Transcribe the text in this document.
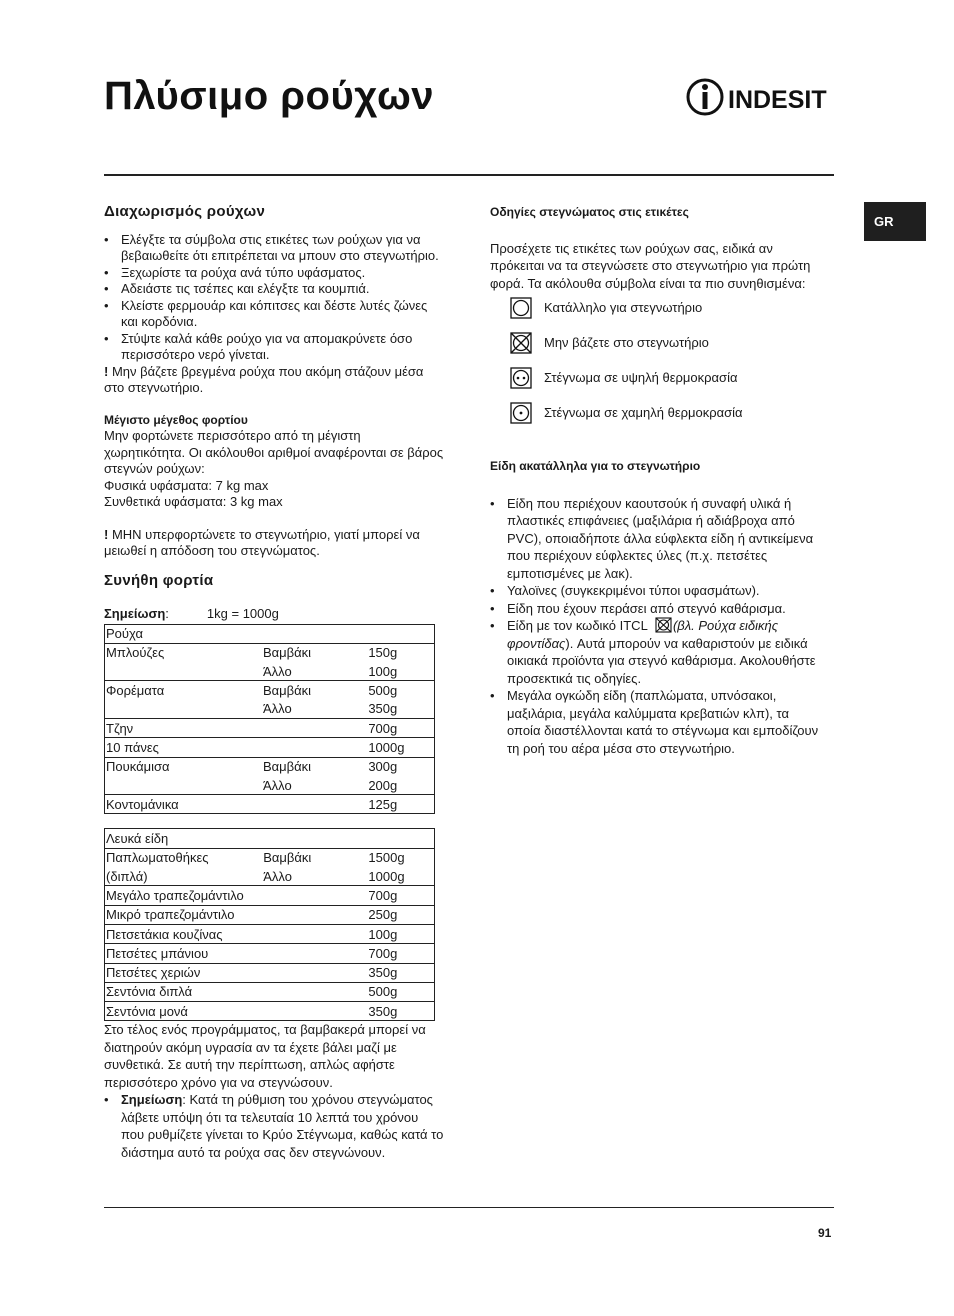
Πλύσιμο ρούχων	INDESIT
GR
Διαχωρισμός ρούχων
• Ελέγξτε τα σύμβολα στις ετικέτες των ρούχων για να βεβαιωθείτε ότι επιτρέπεται να μπουν στο στεγνωτήριο.
• Ξεχωρίστε τα ρούχα ανά τύπο υφάσματος.
• Αδειάστε τις τσέπες και ελέγξτε τα κουμπιά.
• Κλείστε φερμουάρ και κόπιτσες και δέστε λυτές ζώνες και κορδόνια.
• Στύψτε καλά κάθε ρούχο για να απομακρύνετε όσο περισσότερο νερό γίνεται.

! Μην βάζετε βρεγμένα ρούχα που ακόμη στάζουν μέσα στο στεγνωτήριο.

Μέγιστο μέγεθος φορτίου

Μην φορτώνετε περισσότερο από τη μέγιστη χωρητικότητα. Οι ακόλουθοι αριθμοί αναφέρονται σε βάρος στεγνών ρούχων:

Φυσικά υφάσματα: 7 kg max

Συνθετικά υφάσματα: 3 kg max

! ΜΗΝ υπερφορτώνετε το στεγνωτήριο, γιατί μπορεί να μειωθεί η απόδοση του στεγνώματος.

Συνήθη φορτία

Σημείωση:	1kg = 1000g

Ρούχα		
Μπλούζες	Βαμβάκι	150g
	Άλλο	100g
Φορέματα	Βαμβάκι	500g
	Άλλο	350g
Τζην		700g
10 πάνες		1000g
Πουκάμισα	Βαμβάκι	300g
	Άλλο	200g
Κοντομάνικα		125g
Λευκά είδη		
Παπλωματοθήκες	Βαμβάκι	1500g
(διπλά)	Άλλο	1000g
Μεγάλο τραπεζομάντιλο		700g
Μικρό τραπεζομάντιλο		250g
Πετσετάκια κουζίνας		100g
Πετσέτες μπάνιου		700g
Πετσέτες χεριών		350g
Σεντόνια διπλά		500g
Σεντόνια μονά		350g

Στο τέλος ενός προγράμματος, τα βαμβακερά μπορεί να διατηρούν ακόμη υγρασία αν τα έχετε βάλει μαζί με συνθετικά. Σε αυτή την περίπτωση, απλώς αφήστε περισσότερο χρόνο για να στεγνώσουν.

• Σημείωση: Κατά τη ρύθμιση του χρόνου στεγνώματος λάβετε υπόψη ότι τα τελευταία 10 λεπτά του χρόνου που ρυθμίζετε γίνεται το Κρύο Στέγνωμα, καθώς κατά το διάστημα αυτό τα ρούχα σας δεν στεγνώνουν.
Οδηγίες στεγνώματος στις ετικέτες

Προσέχετε τις ετικέτες των ρούχων σας, ειδικά αν πρόκειται να τα στεγνώσετε στο στεγνωτήριο για πρώτη φορά. Τα ακόλουθα σύμβολα είναι τα πιο συνηθισμένα:

Κατάλληλο για στεγνωτήριο
Μην βάζετε στο στεγνωτήριο
Στέγνωμα σε υψηλή θερμοκρασία
Στέγνωμα σε χαμηλή θερμοκρασία
Είδη ακατάλληλα για το στεγνωτήριο
• Είδη που περιέχουν καουτσούκ ή συναφή υλικά ή πλαστικές επιφάνειες (μαξιλάρια ή αδιάβροχα από PVC), οποιαδήποτε άλλα εύφλεκτα είδη ή αντικείμενα που περιέχουν εύφλεκτες ύλες (π.χ. πετσέτες εμποτισμένες με λακ).
• Υαλοϊνες (συγκεκριμένοι τύποι υφασμάτων).
• Είδη που έχουν περάσει από στεγνό καθάρισμα.
• Είδη με τον κωδικό ITCL (βλ. Ρούχα ειδικής φροντίδας). Αυτά μπορούν να καθαριστούν με ειδικά οικιακά προϊόντα για στεγνό καθάρισμα. Ακολουθήστε προσεκτικά τις οδηγίες.
• Μεγάλα ογκώδη είδη (παπλώματα, υπνόσακοι, μαξιλάρια, μεγάλα καλύμματα κρεβατιών κλπ), τα οποία διαστέλλονται κατά το στέγνωμα και εμποδίζουν τη ροή του αέρα μέσα στο στεγνωτήριο.
91
